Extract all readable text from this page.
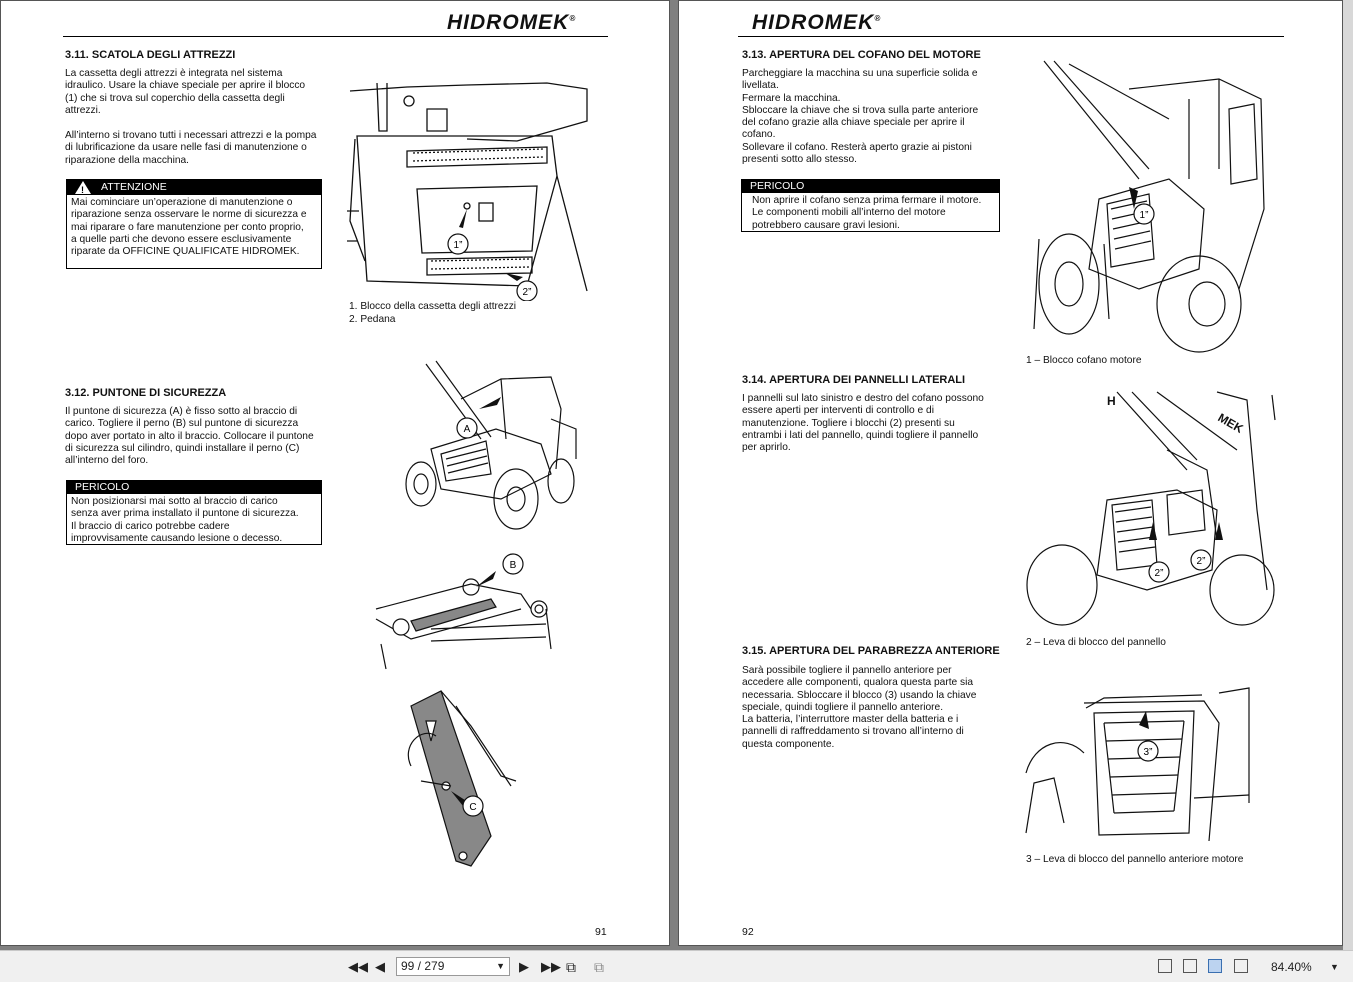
HIDROMEK®
3.11. SCATOLA DEGLI ATTREZZI
La cassetta degli attrezzi è integrata nel sistema
idraulico. Usare la chiave speciale per aprire il blocco
(1) che si trova sul coperchio della cassetta degli
attrezzi.
All’interno si trovano tutti i necessari attrezzi e la pompa
di lubrificazione da usare nelle fasi di manutenzione o
riparazione della macchina.
! ATTENZIONE
Mai cominciare un’operazione di manutenzione o
riparazione senza osservare le norme di sicurezza e
mai riparare o fare manutenzione per conto proprio,
a quelle parti che devono essere esclusivamente
riparate da OFFICINE QUALIFICATE HIDROMEK.
1”
2”
1. Blocco della cassetta degli attrezzi
2. Pedana
3.12. PUNTONE DI SICUREZZA
Il puntone di sicurezza (A) è fisso sotto al braccio di
carico. Togliere il perno (B) sul puntone di sicurezza
dopo aver portato in alto il braccio. Collocare il puntone
di sicurezza sul cilindro, quindi installare il perno (C)
all’interno del foro.
PERICOLO
Non posizionarsi mai sotto al braccio di carico
senza aver prima installato il puntone di sicurezza.
Il braccio di carico potrebbe cadere
improvvisamente causando lesione o decesso.
A
B
C
91
HIDROMEK®
3.13. APERTURA DEL COFANO DEL MOTORE
Parcheggiare la macchina su una superficie solida e
livellata.
Fermare la macchina.
Sbloccare la chiave che si trova sulla parte anteriore
del cofano grazie alla chiave speciale per aprire il
cofano.
Sollevare il cofano. Resterà aperto grazie ai pistoni
presenti sotto allo stesso.
PERICOLO
Non aprire il cofano senza prima fermare il motore.
Le componenti mobili all’interno del motore
potrebbero causare gravi lesioni.
1”
1 – Blocco cofano motore
3.14. APERTURA DEI PANNELLI LATERALI
I pannelli sul lato sinistro e destro del cofano possono
essere aperti per interventi di controllo e di
manutenzione. Togliere i blocchi (2) presenti su
entrambi i lati del pannello, quindi togliere il pannello
per aprirlo.
MEK
H
2”
2”
2 – Leva di blocco del pannello
3.15. APERTURA DEL PARABREZZA ANTERIORE
Sarà possibile togliere il pannello anteriore per
accedere alle componenti, qualora questa parte sia
necessaria. Sbloccare il blocco (3) usando la chiave
speciale, quindi togliere il pannello anteriore.
La batteria, l’interruttore master della batteria e i
pannelli di raffreddamento si trovano all’interno di
questa componente.
3”
3 – Leva di blocco del pannello anteriore motore
92
◀◀ ◀	99 / 279	▼ ▶ ▶▶ ⧉ ⧉	84.40% ▼
